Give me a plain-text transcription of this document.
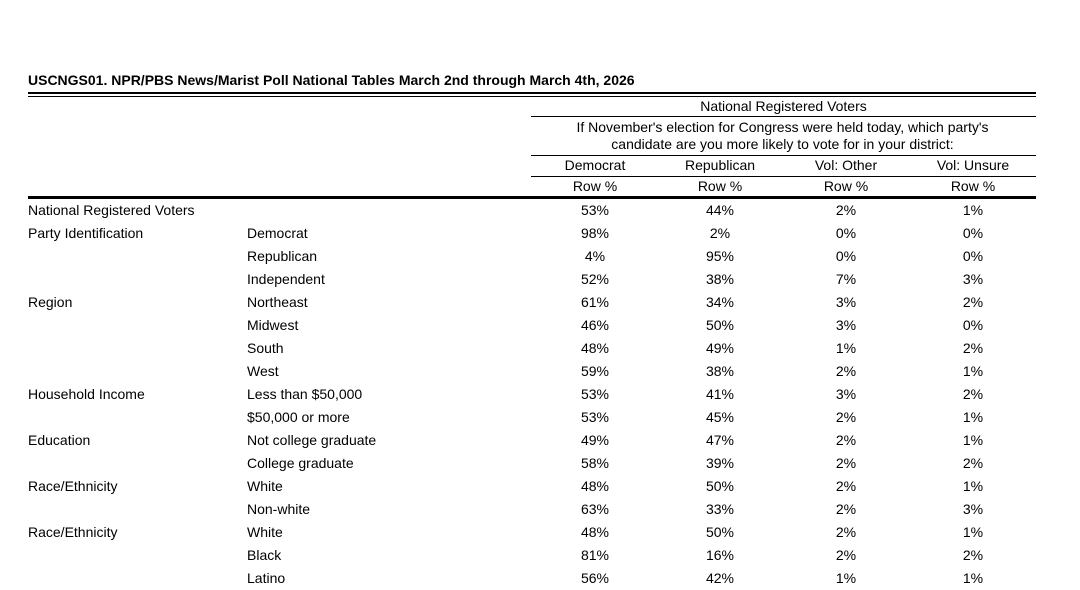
USCNGS01. NPR/PBS News/Marist Poll National Tables March 2nd through March 4th, 2026
National Registered Voters
If November's election for Congress were held today, which party's candidate are you more likely to vote for in your district:
Democrat	Republican	Vol: Other	Vol: Unsure
Row %	Row %	Row %	Row %
National Registered Voters	53%	44%	2%	1%
Party Identification	Democrat	98%	2%	0%	0%
Republican	4%	95%	0%	0%
Independent	52%	38%	7%	3%
Region	Northeast	61%	34%	3%	2%
Midwest	46%	50%	3%	0%
South	48%	49%	1%	2%
West	59%	38%	2%	1%
Household Income	Less than $50,000	53%	41%	3%	2%
$50,000 or more	53%	45%	2%	1%
Education	Not college graduate	49%	47%	2%	1%
College graduate	58%	39%	2%	2%
Race/Ethnicity	White	48%	50%	2%	1%
Non-white	63%	33%	2%	3%
Race/Ethnicity	White	48%	50%	2%	1%
Black	81%	16%	2%	2%
Latino	56%	42%	1%	1%
